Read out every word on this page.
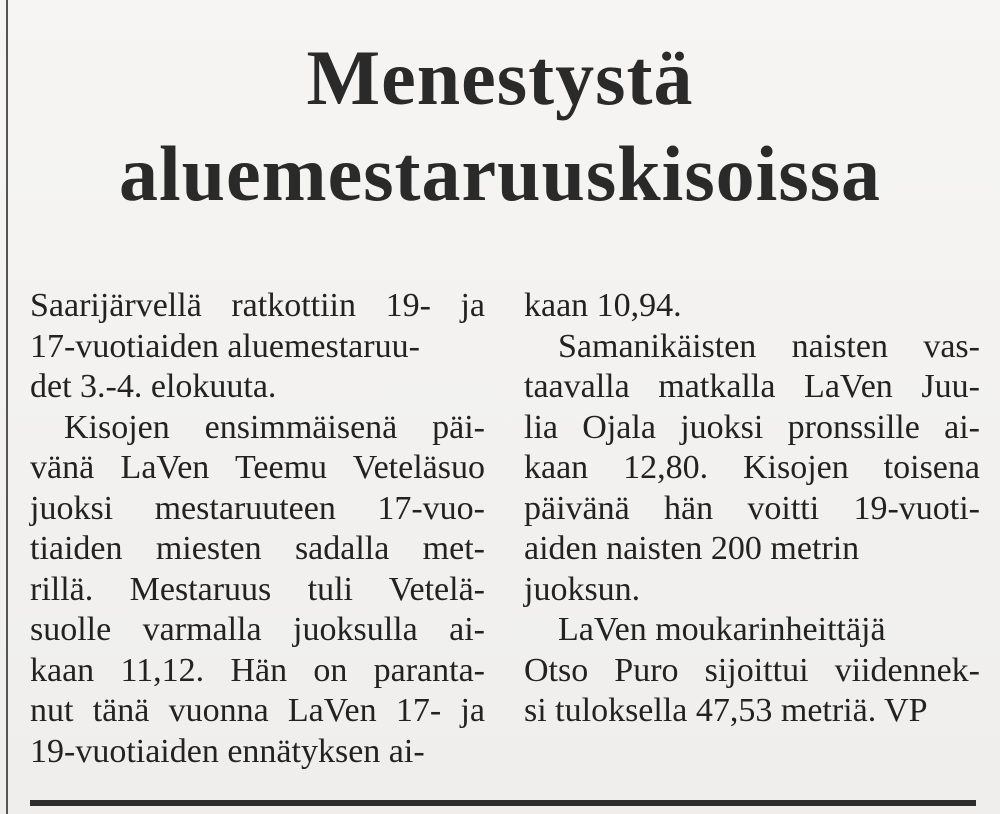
Menestystä
aluemestaruuskisoissa

Saarijärvellä ratkottiin 19- ja
17-vuotiaiden aluemestaruu-
det 3.-4. elokuuta.

Kisojen ensimmäisenä päi-
vänä LaVen Teemu Veteläsuo
juoksi mestaruuteen 17-vuo-
tiaiden miesten sadalla met-
rillä. Mestaruus tuli Vetelä-
suolle varmalla juoksulla ai-
kaan 11,12. Hän on paranta-
nut tänä vuonna LaVen 17- ja
19-vuotiaiden ennätyksen ai-

kaan 10,94.

Samanikäisten naisten vas-
taavalla matkalla LaVen Juu-
lia Ojala juoksi pronssille ai-
kaan 12,80. Kisojen toisena
päivänä hän voitti 19-vuoti-
aiden naisten 200 metrin
juoksun.

LaVen moukarinheittäjä
Otso Puro sijoittui viidennek-
si tuloksella 47,53 metriä. VP
